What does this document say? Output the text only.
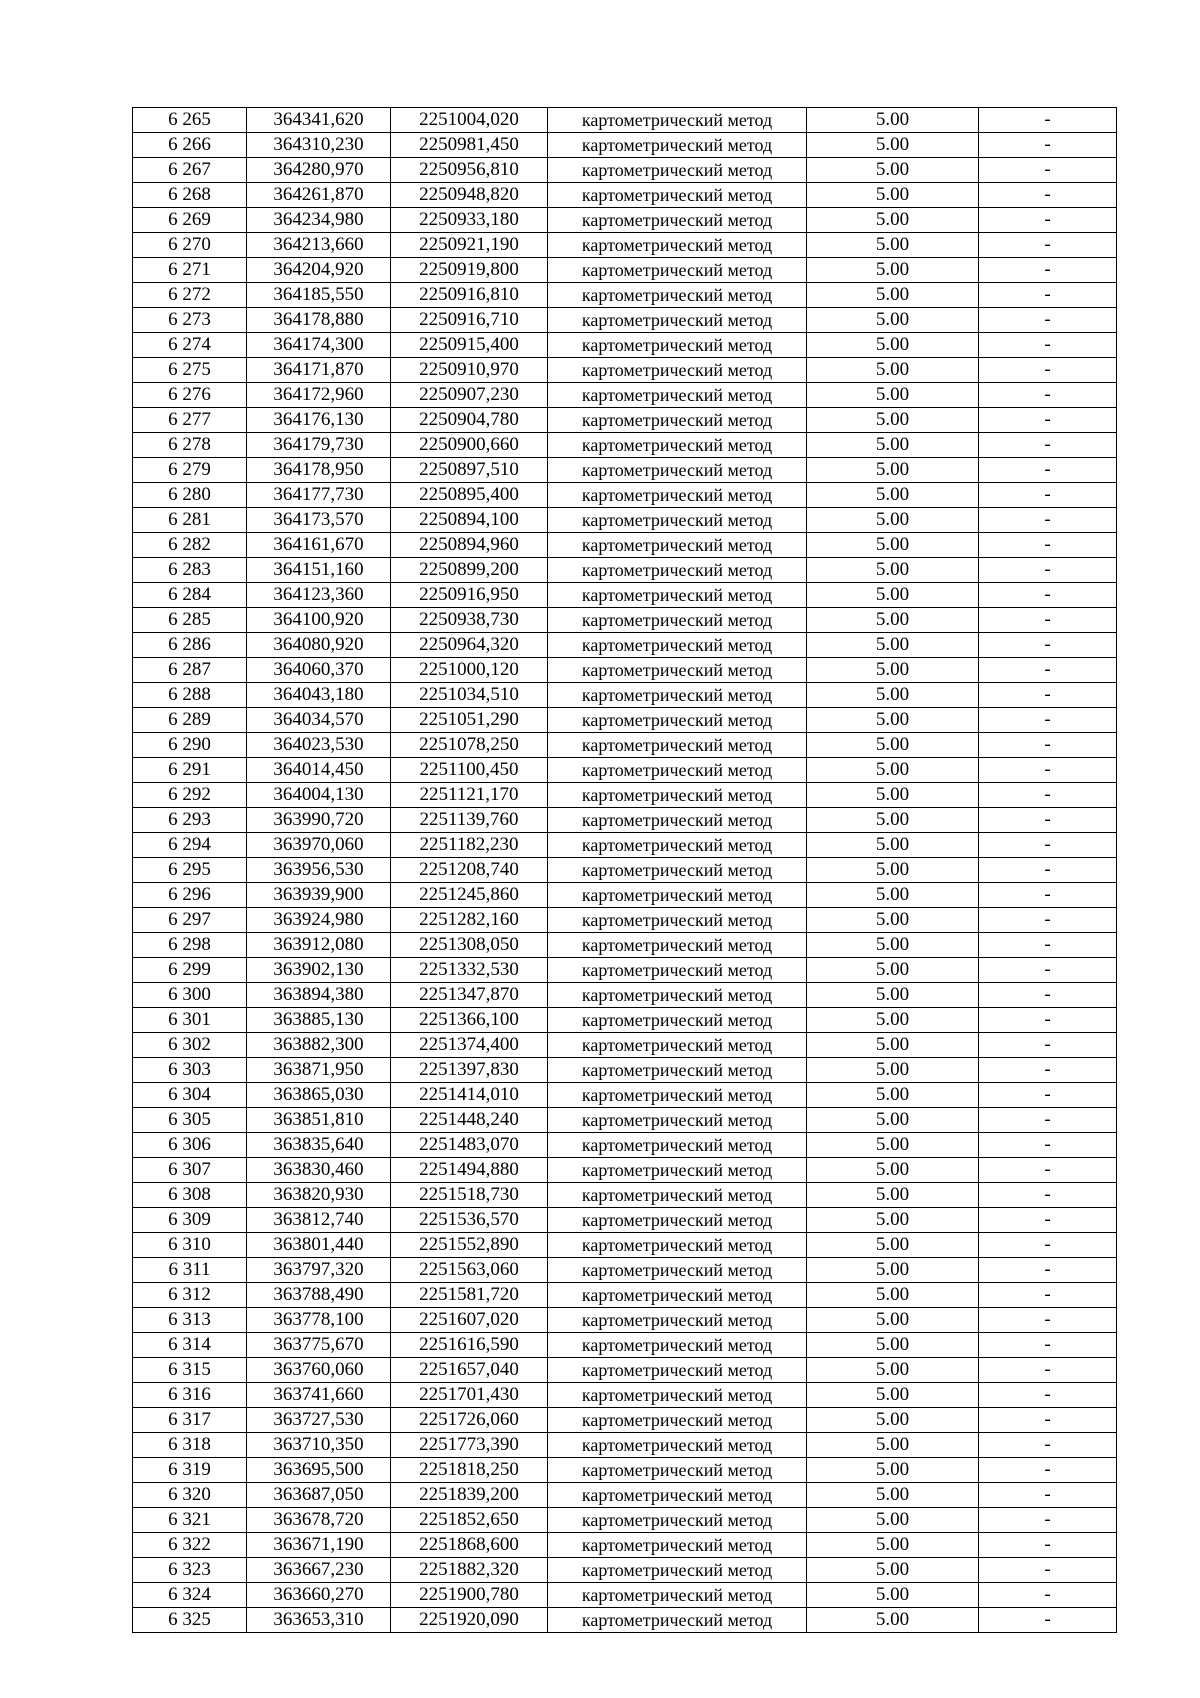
6 265	364341,620	2251004,020	картометрический метод	5.00	-
6 266	364310,230	2250981,450	картометрический метод	5.00	-
6 267	364280,970	2250956,810	картометрический метод	5.00	-
6 268	364261,870	2250948,820	картометрический метод	5.00	-
6 269	364234,980	2250933,180	картометрический метод	5.00	-
6 270	364213,660	2250921,190	картометрический метод	5.00	-
6 271	364204,920	2250919,800	картометрический метод	5.00	-
6 272	364185,550	2250916,810	картометрический метод	5.00	-
6 273	364178,880	2250916,710	картометрический метод	5.00	-
6 274	364174,300	2250915,400	картометрический метод	5.00	-
6 275	364171,870	2250910,970	картометрический метод	5.00	-
6 276	364172,960	2250907,230	картометрический метод	5.00	-
6 277	364176,130	2250904,780	картометрический метод	5.00	-
6 278	364179,730	2250900,660	картометрический метод	5.00	-
6 279	364178,950	2250897,510	картометрический метод	5.00	-
6 280	364177,730	2250895,400	картометрический метод	5.00	-
6 281	364173,570	2250894,100	картометрический метод	5.00	-
6 282	364161,670	2250894,960	картометрический метод	5.00	-
6 283	364151,160	2250899,200	картометрический метод	5.00	-
6 284	364123,360	2250916,950	картометрический метод	5.00	-
6 285	364100,920	2250938,730	картометрический метод	5.00	-
6 286	364080,920	2250964,320	картометрический метод	5.00	-
6 287	364060,370	2251000,120	картометрический метод	5.00	-
6 288	364043,180	2251034,510	картометрический метод	5.00	-
6 289	364034,570	2251051,290	картометрический метод	5.00	-
6 290	364023,530	2251078,250	картометрический метод	5.00	-
6 291	364014,450	2251100,450	картометрический метод	5.00	-
6 292	364004,130	2251121,170	картометрический метод	5.00	-
6 293	363990,720	2251139,760	картометрический метод	5.00	-
6 294	363970,060	2251182,230	картометрический метод	5.00	-
6 295	363956,530	2251208,740	картометрический метод	5.00	-
6 296	363939,900	2251245,860	картометрический метод	5.00	-
6 297	363924,980	2251282,160	картометрический метод	5.00	-
6 298	363912,080	2251308,050	картометрический метод	5.00	-
6 299	363902,130	2251332,530	картометрический метод	5.00	-
6 300	363894,380	2251347,870	картометрический метод	5.00	-
6 301	363885,130	2251366,100	картометрический метод	5.00	-
6 302	363882,300	2251374,400	картометрический метод	5.00	-
6 303	363871,950	2251397,830	картометрический метод	5.00	-
6 304	363865,030	2251414,010	картометрический метод	5.00	-
6 305	363851,810	2251448,240	картометрический метод	5.00	-
6 306	363835,640	2251483,070	картометрический метод	5.00	-
6 307	363830,460	2251494,880	картометрический метод	5.00	-
6 308	363820,930	2251518,730	картометрический метод	5.00	-
6 309	363812,740	2251536,570	картометрический метод	5.00	-
6 310	363801,440	2251552,890	картометрический метод	5.00	-
6 311	363797,320	2251563,060	картометрический метод	5.00	-
6 312	363788,490	2251581,720	картометрический метод	5.00	-
6 313	363778,100	2251607,020	картометрический метод	5.00	-
6 314	363775,670	2251616,590	картометрический метод	5.00	-
6 315	363760,060	2251657,040	картометрический метод	5.00	-
6 316	363741,660	2251701,430	картометрический метод	5.00	-
6 317	363727,530	2251726,060	картометрический метод	5.00	-
6 318	363710,350	2251773,390	картометрический метод	5.00	-
6 319	363695,500	2251818,250	картометрический метод	5.00	-
6 320	363687,050	2251839,200	картометрический метод	5.00	-
6 321	363678,720	2251852,650	картометрический метод	5.00	-
6 322	363671,190	2251868,600	картометрический метод	5.00	-
6 323	363667,230	2251882,320	картометрический метод	5.00	-
6 324	363660,270	2251900,780	картометрический метод	5.00	-
6 325	363653,310	2251920,090	картометрический метод	5.00	-
